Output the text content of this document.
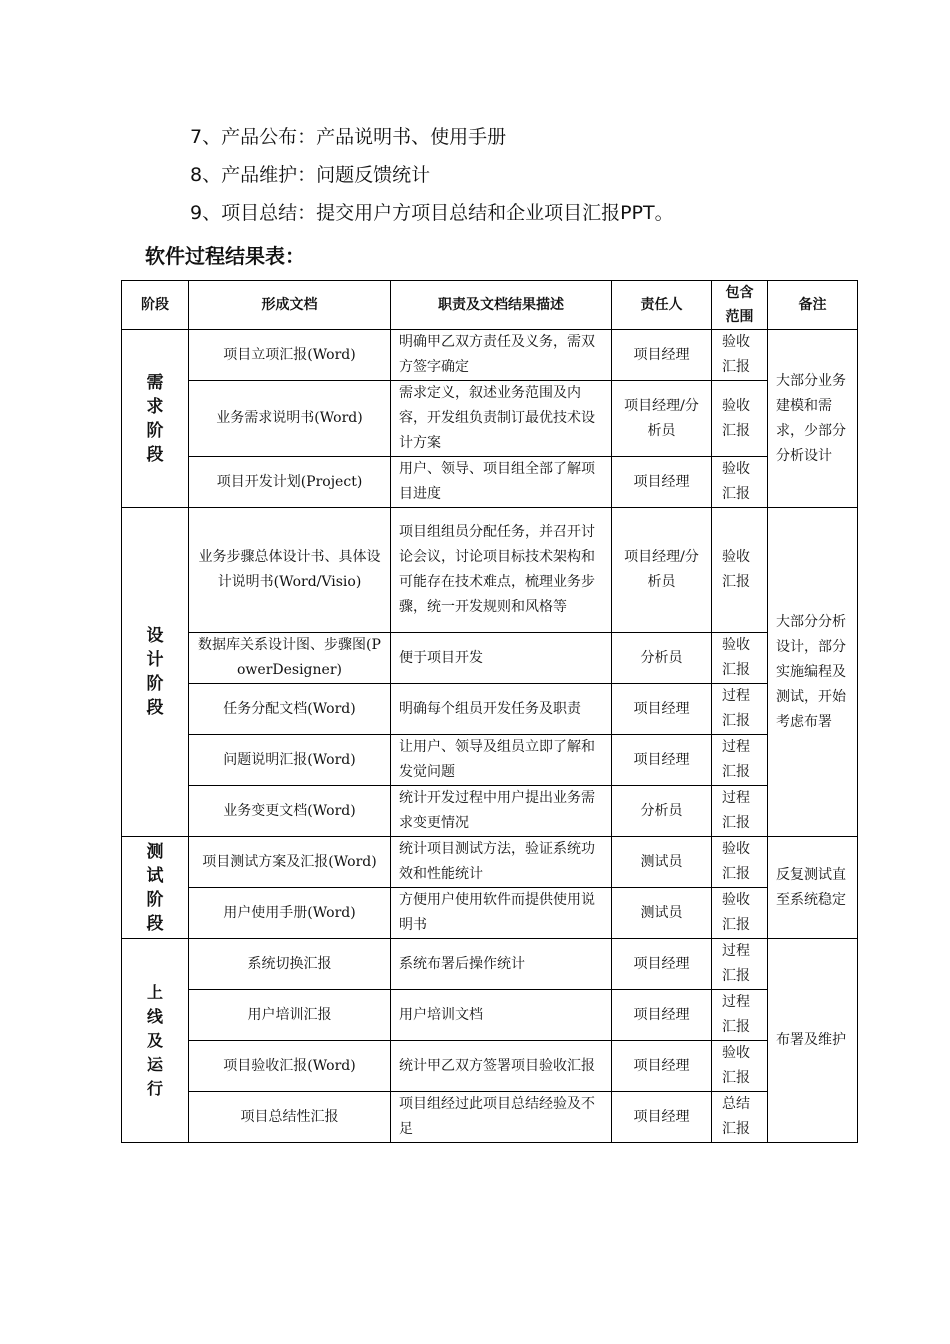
7、产品公布：产品说明书、使用手册
8、产品维护：问题反馈统计
9、项目总结：提交用户方项目总结和企业项目汇报PPT。
软件过程结果表：
阶段	形成文档	职责及文档结果描述	责任人	包含范围	备注
需求阶段	项目立项汇报(Word)	明确甲乙双方责任及义务，需双方签字确定	项目经理	验收汇报	大部分业务建模和需求，少部分分析设计
	业务需求说明书(Word)	需求定义，叙述业务范围及内容，开发组负责制订最优技术设计方案	项目经理/分析员	验收汇报	
	项目开发计划(Project)	用户、领导、项目组全部了解项目进度	项目经理	验收汇报	
设计阶段	业务步骤总体设计书、具体设计说明书(Word/Visio)	项目组组员分配任务，并召开讨论会议，讨论项目标技术架构和可能存在技术难点，梳理业务步骤，统一开发规则和风格等	项目经理/分析员	验收汇报	大部分分析设计，部分实施编程及测试，开始考虑布署
	数据库关系设计图、步骤图(PowerDesigner)	便于项目开发	分析员	验收汇报	
	任务分配文档(Word)	明确每个组员开发任务及职责	项目经理	过程汇报	
	问题说明汇报(Word)	让用户、领导及组员立即了解和发觉问题	项目经理	过程汇报	
	业务变更文档(Word)	统计开发过程中用户提出业务需求变更情况	分析员	过程汇报	
测试阶段	项目测试方案及汇报(Word)	统计项目测试方法，验证系统功效和性能统计	测试员	验收汇报	反复测试直至系统稳定
	用户使用手册(Word)	方便用户使用软件而提供使用说明书	测试员	验收汇报	
上线及运行	系统切换汇报	系统布署后操作统计	项目经理	过程汇报	布署及维护
	用户培训汇报	用户培训文档	项目经理	过程汇报	
	项目验收汇报(Word)	统计甲乙双方签署项目验收汇报	项目经理	验收汇报	
	项目总结性汇报	项目组经过此项目总结经验及不足	项目经理	总结汇报	
